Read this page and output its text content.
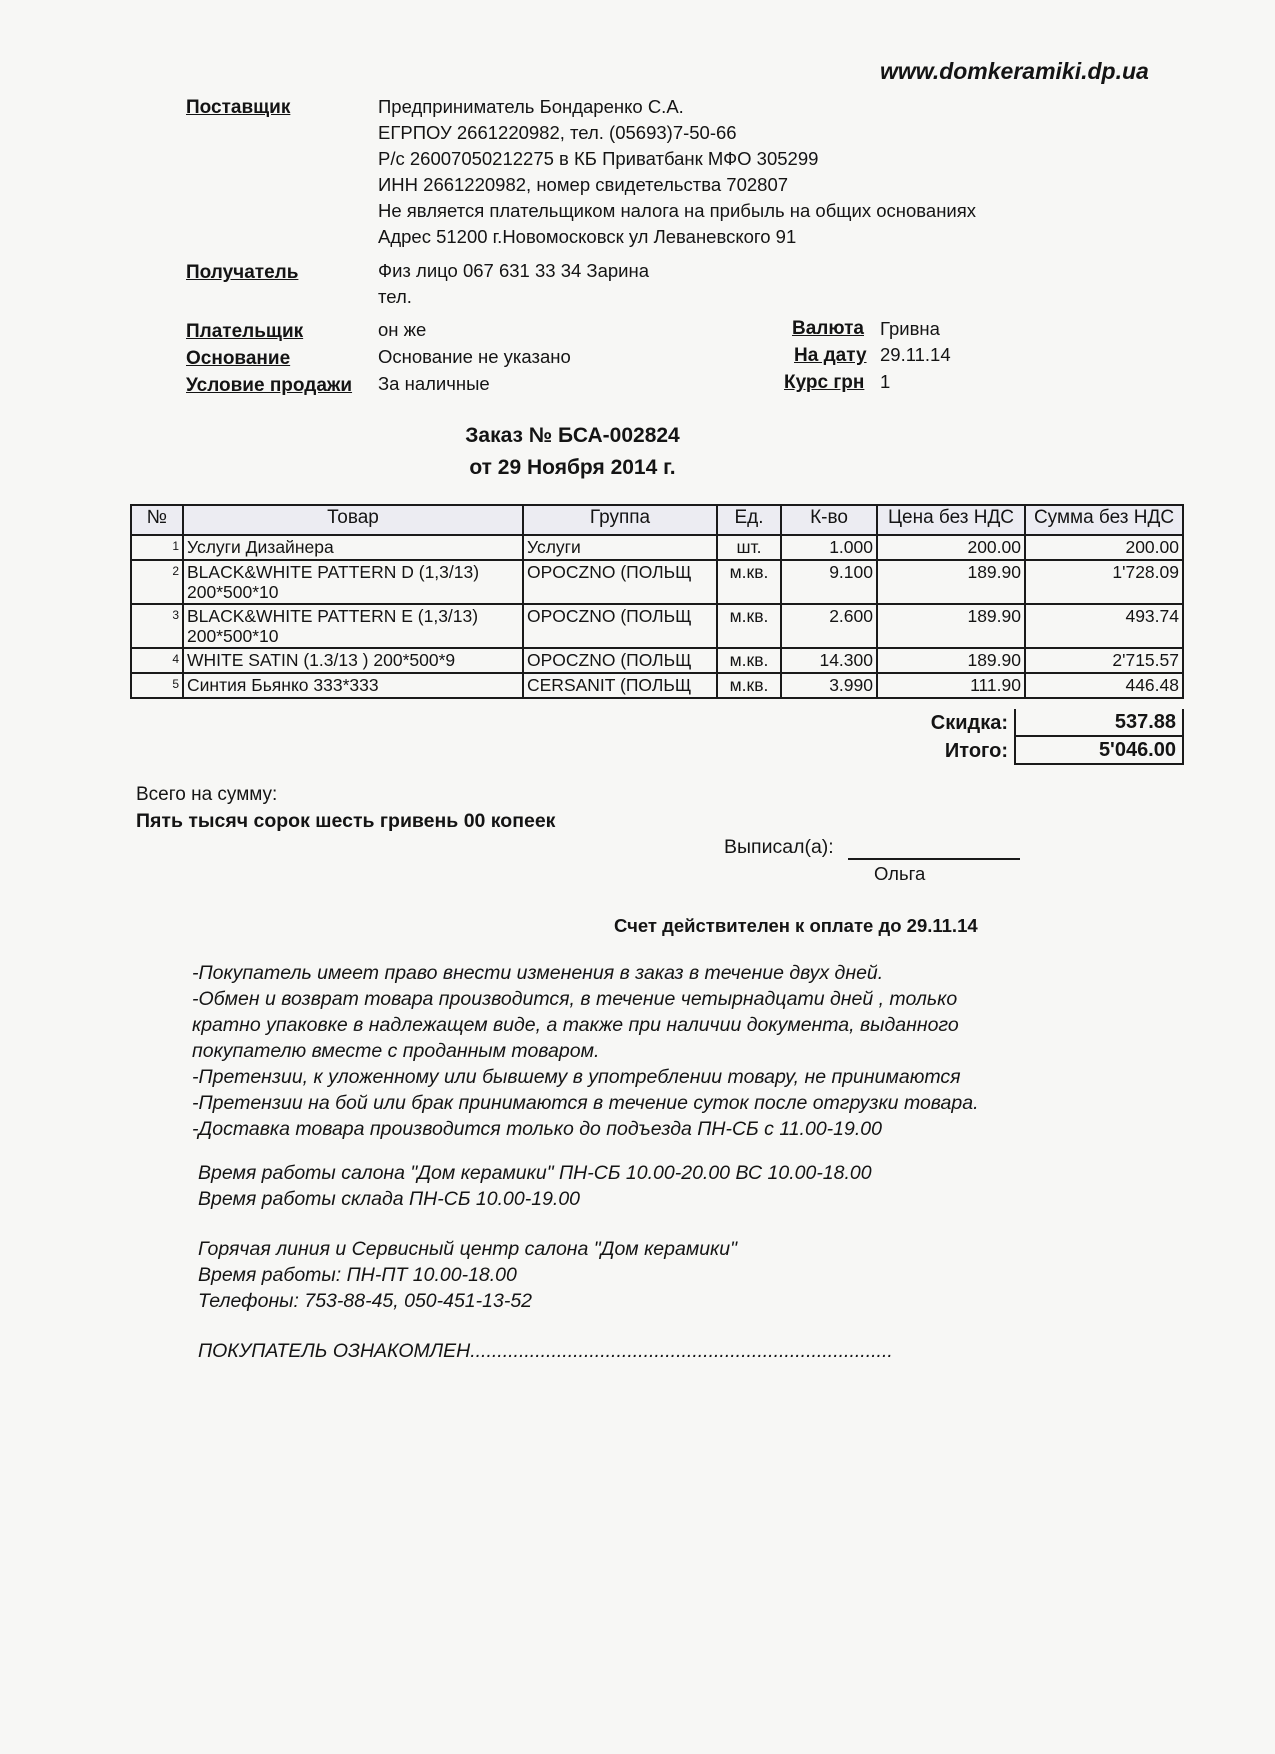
www.domkeramiki.dp.ua
Поставщик	Предприниматель Бондаренко С.А.
ЕГРПОУ 2661220982, тел. (05693)7-50-66
Р/с 26007050212275 в КБ Приватбанк МФО 305299
ИНН 2661220982, номер свидетельства 702807
Не является плательщиком налога на прибыль на общих основаниях
Адрес 51200 г.Новомосковск ул Леваневского 91
Получатель	Физ лицо 067 631 33 34 Зарина
тел.
Плательщик	он же
Основание	Основание не указано
Условие продажи За наличные
Валюта Гривна
На дату 29.11.14
Курс грн 1
Заказ № БСА-002824
от 29 Ноября 2014 г.
№	Товар	Группа	Ед.	К-во	Цена без НДС	Сумма без НДС
1	Услуги Дизайнера	Услуги	шт.	1.000	200.00	200.00
2	BLACK&WHITE PATTERN D (1,3/13) 200*500*10	OPOCZNO (ПОЛЬЩ	м.кв.	9.100	189.90	1'728.09
3	BLACK&WHITE PATTERN E (1,3/13) 200*500*10	OPOCZNO (ПОЛЬЩ	м.кв.	2.600	189.90	493.74
4	WHITE SATIN (1.3/13 ) 200*500*9	OPOCZNO (ПОЛЬЩ	м.кв.	14.300	189.90	2'715.57
5	Синтия Бьянко 333*333	CERSANIT (ПОЛЬЩ	м.кв.	3.990	111.90	446.48
Скидка:	537.88
Итого:	5'046.00
Всего на сумму:
Пять тысяч сорок шесть гривень 00 копеек
Выписал(а):
Ольга
Счет действителен к оплате до 29.11.14
-Покупатель имеет право внести изменения в заказ в течение двух дней.
-Обмен и возврат товара производится, в течение четырнадцати дней , только
кратно упаковке в надлежащем виде, а также при наличии документа, выданного
покупателю вместе с проданным товаром.
-Претензии, к уложенному или бывшему в употреблении товару, не принимаются
-Претензии на бой или брак принимаются в течение суток после отгрузки товара.
-Доставка товара производится только до подъезда ПН-СБ с 11.00-19.00
Время работы салона "Дом керамики" ПН-СБ 10.00-20.00 ВС 10.00-18.00
Время работы склада ПН-СБ 10.00-19.00
Горячая линия и Сервисный центр салона "Дом керамики"
Время работы: ПН-ПТ 10.00-18.00
Телефоны: 753-88-45, 050-451-13-52
ПОКУПАТЕЛЬ ОЗНАКОМЛЕН..............................................................................
